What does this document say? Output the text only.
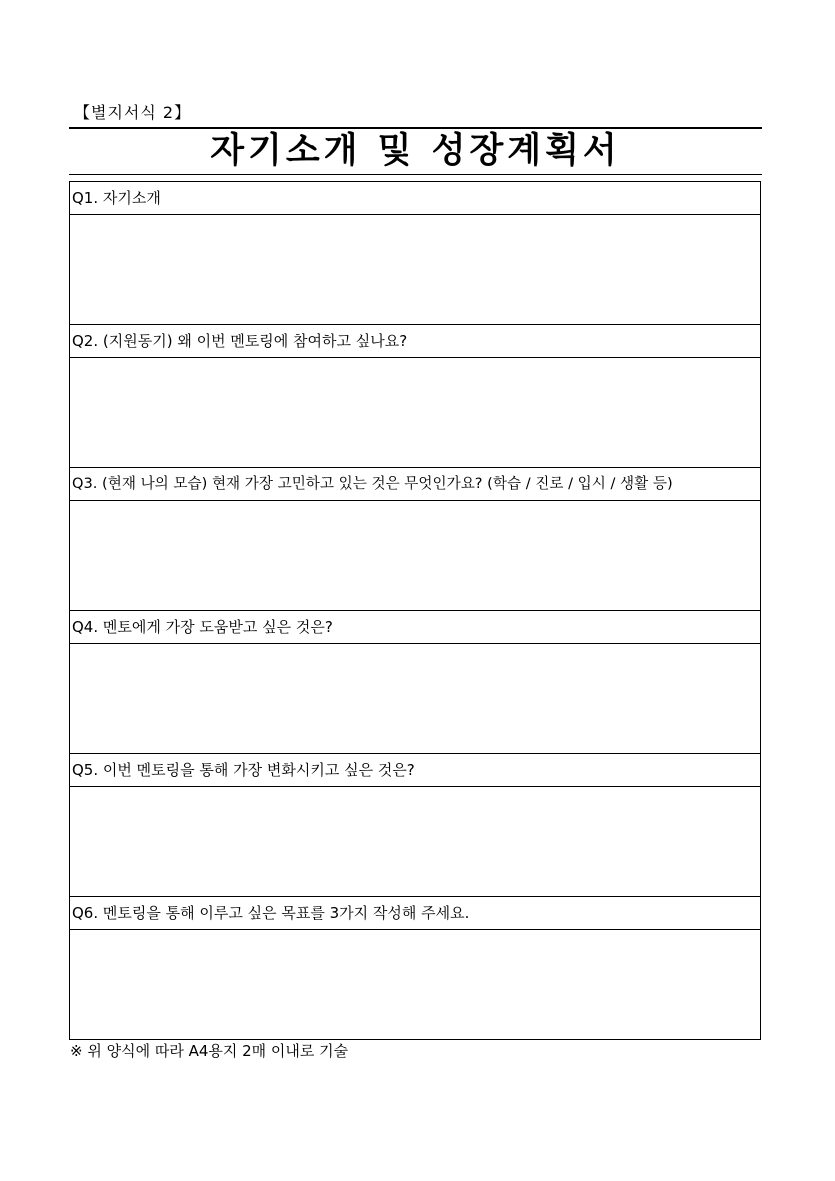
【별지서식 2】
자기소개 및 성장계획서
Q1. 자기소개
Q2. (지원동기) 왜 이번 멘토링에 참여하고 싶나요?
Q3. (현재 나의 모습) 현재 가장 고민하고 있는 것은 무엇인가요? (학습 / 진로 / 입시 / 생활 등)
Q4. 멘토에게 가장 도움받고 싶은 것은?
Q5. 이번 멘토링을 통해 가장 변화시키고 싶은 것은?
Q6. 멘토링을 통해 이루고 싶은 목표를 3가지 작성해 주세요.
※ 위 양식에 따라 A4용지 2매 이내로 기술
